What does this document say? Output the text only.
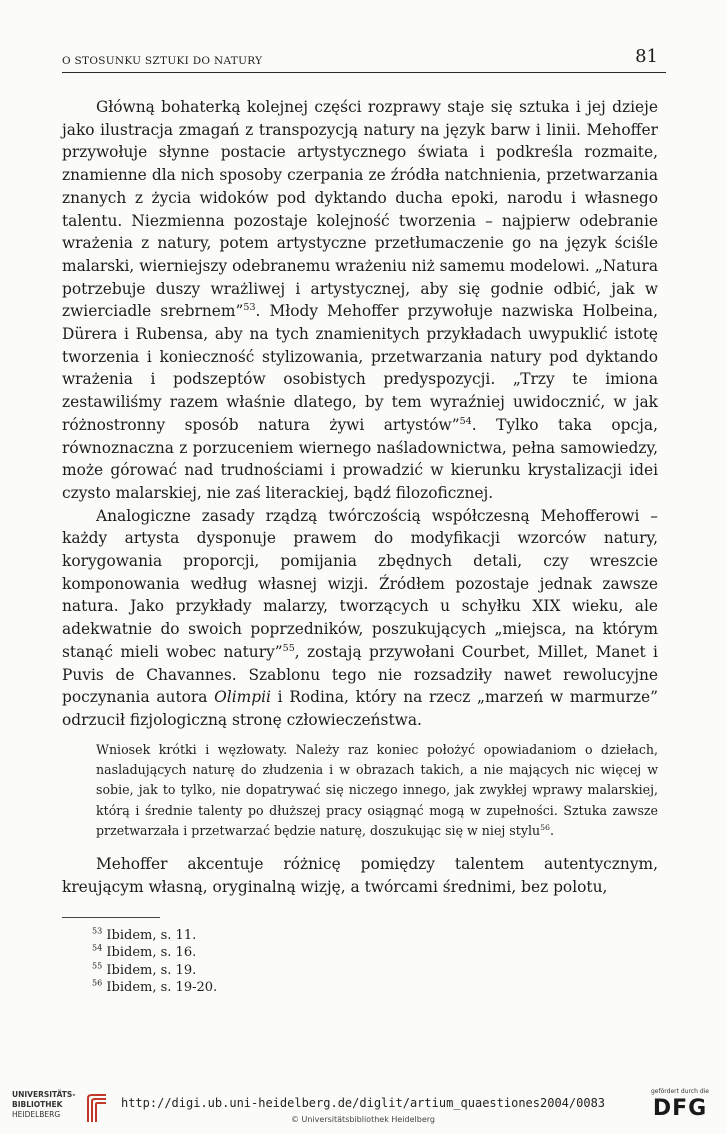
O STOSUNKU SZTUKI DO NATURY	81

Główną bohaterką kolejnej części rozprawy staje się sztuka i jej dzieje jako ilustracja zmagań z transpozycją natury na język barw i linii. Mehoffer przywołuje słynne postacie artystycznego świata i podkreśla rozmaite, znamienne dla nich sposoby czerpania ze źródła natchnienia, przetwarzania znanych z życia widoków pod dyktando ducha epoki, narodu i własnego talentu. Niezmienna pozostaje kolejność tworzenia – najpierw odebranie wrażenia z natury, potem artystyczne przetłumaczenie go na język ściśle malarski, wierniejszy odebranemu wrażeniu niż samemu modelowi. „Natura potrzebuje duszy wrażliwej i artystycznej, aby się godnie odbić, jak w zwierciadle srebrnem”$^{53}$. Młody Mehoffer przywołuje nazwiska Holbeina, Dürera i Rubensa, aby na tych znamienitych przykładach uwypuklić istotę tworzenia i konieczność stylizowania, przetwarzania natury pod dyktando wrażenia i podszeptów osobistych predyspozycji. „Trzy te imiona zestawiliśmy razem właśnie dlatego, by tem wyraźniej uwidocznić, w jak różnostronny sposób natura żywi artystów”$^{54}$. Tylko taka opcja, równoznaczna z porzuceniem wiernego naśladownictwa, pełna samowiedzy, może górować nad trudnościami i prowadzić w kierunku krystalizacji idei czysto malarskiej, nie zaś literackiej, bądź filozoficznej.

Analogiczne zasady rządzą twórczością współczesną Mehofferowi – każdy artysta dysponuje prawem do modyfikacji wzorców natury, korygowania proporcji, pomijania zbędnych detali, czy wreszcie komponowania według własnej wizji. Źródłem pozostaje jednak zawsze natura. Jako przykłady malarzy, tworzących u schyłku XIX wieku, ale adekwatnie do swoich poprzedników, poszukujących „miejsca, na którym stanąć mieli wobec natury”$^{55}$, zostają przywołani Courbet, Millet, Manet i Puvis de Chavannes. Szablonu tego nie rozsadziły nawet rewolucyjne poczynania autora Olimpii i Rodina, który na rzecz „marzeń w marmurze” odrzucił fizjologiczną stronę człowieczeństwa.

Wniosek krótki i węzłowaty. Należy raz koniec położyć opowiadaniom o dziełach, nasladujących naturę do złudzenia i w obrazach takich, a nie mających nic więcej w sobie, jak to tylko, nie dopatrywać się niczego innego, jak zwykłej wprawy malarskiej, którą i średnie talenty po dłuższej pracy osiągnąć mogą w zupełności. Sztuka zawsze przetwarzała i przetwarzać będzie naturę, doszukując się w niej stylu$^{56}$.

Mehoffer akcentuje różnicę pomiędzy talentem autentycznym, kreującym własną, oryginalną wizję, a twórcami średnimi, bez polotu,

$^{53}$ Ibidem, s. 11.
$^{54}$ Ibidem, s. 16.
$^{55}$ Ibidem, s. 19.
$^{56}$ Ibidem, s. 19-20.
UNIVERSITÄTS-
BIBLIOTHEK
HEIDELBERG
http://digi.ub.uni-heidelberg.de/diglit/artium_quaestiones2004/0083
© Universitätsbibliothek Heidelberg
gefördert durch die
DFG
